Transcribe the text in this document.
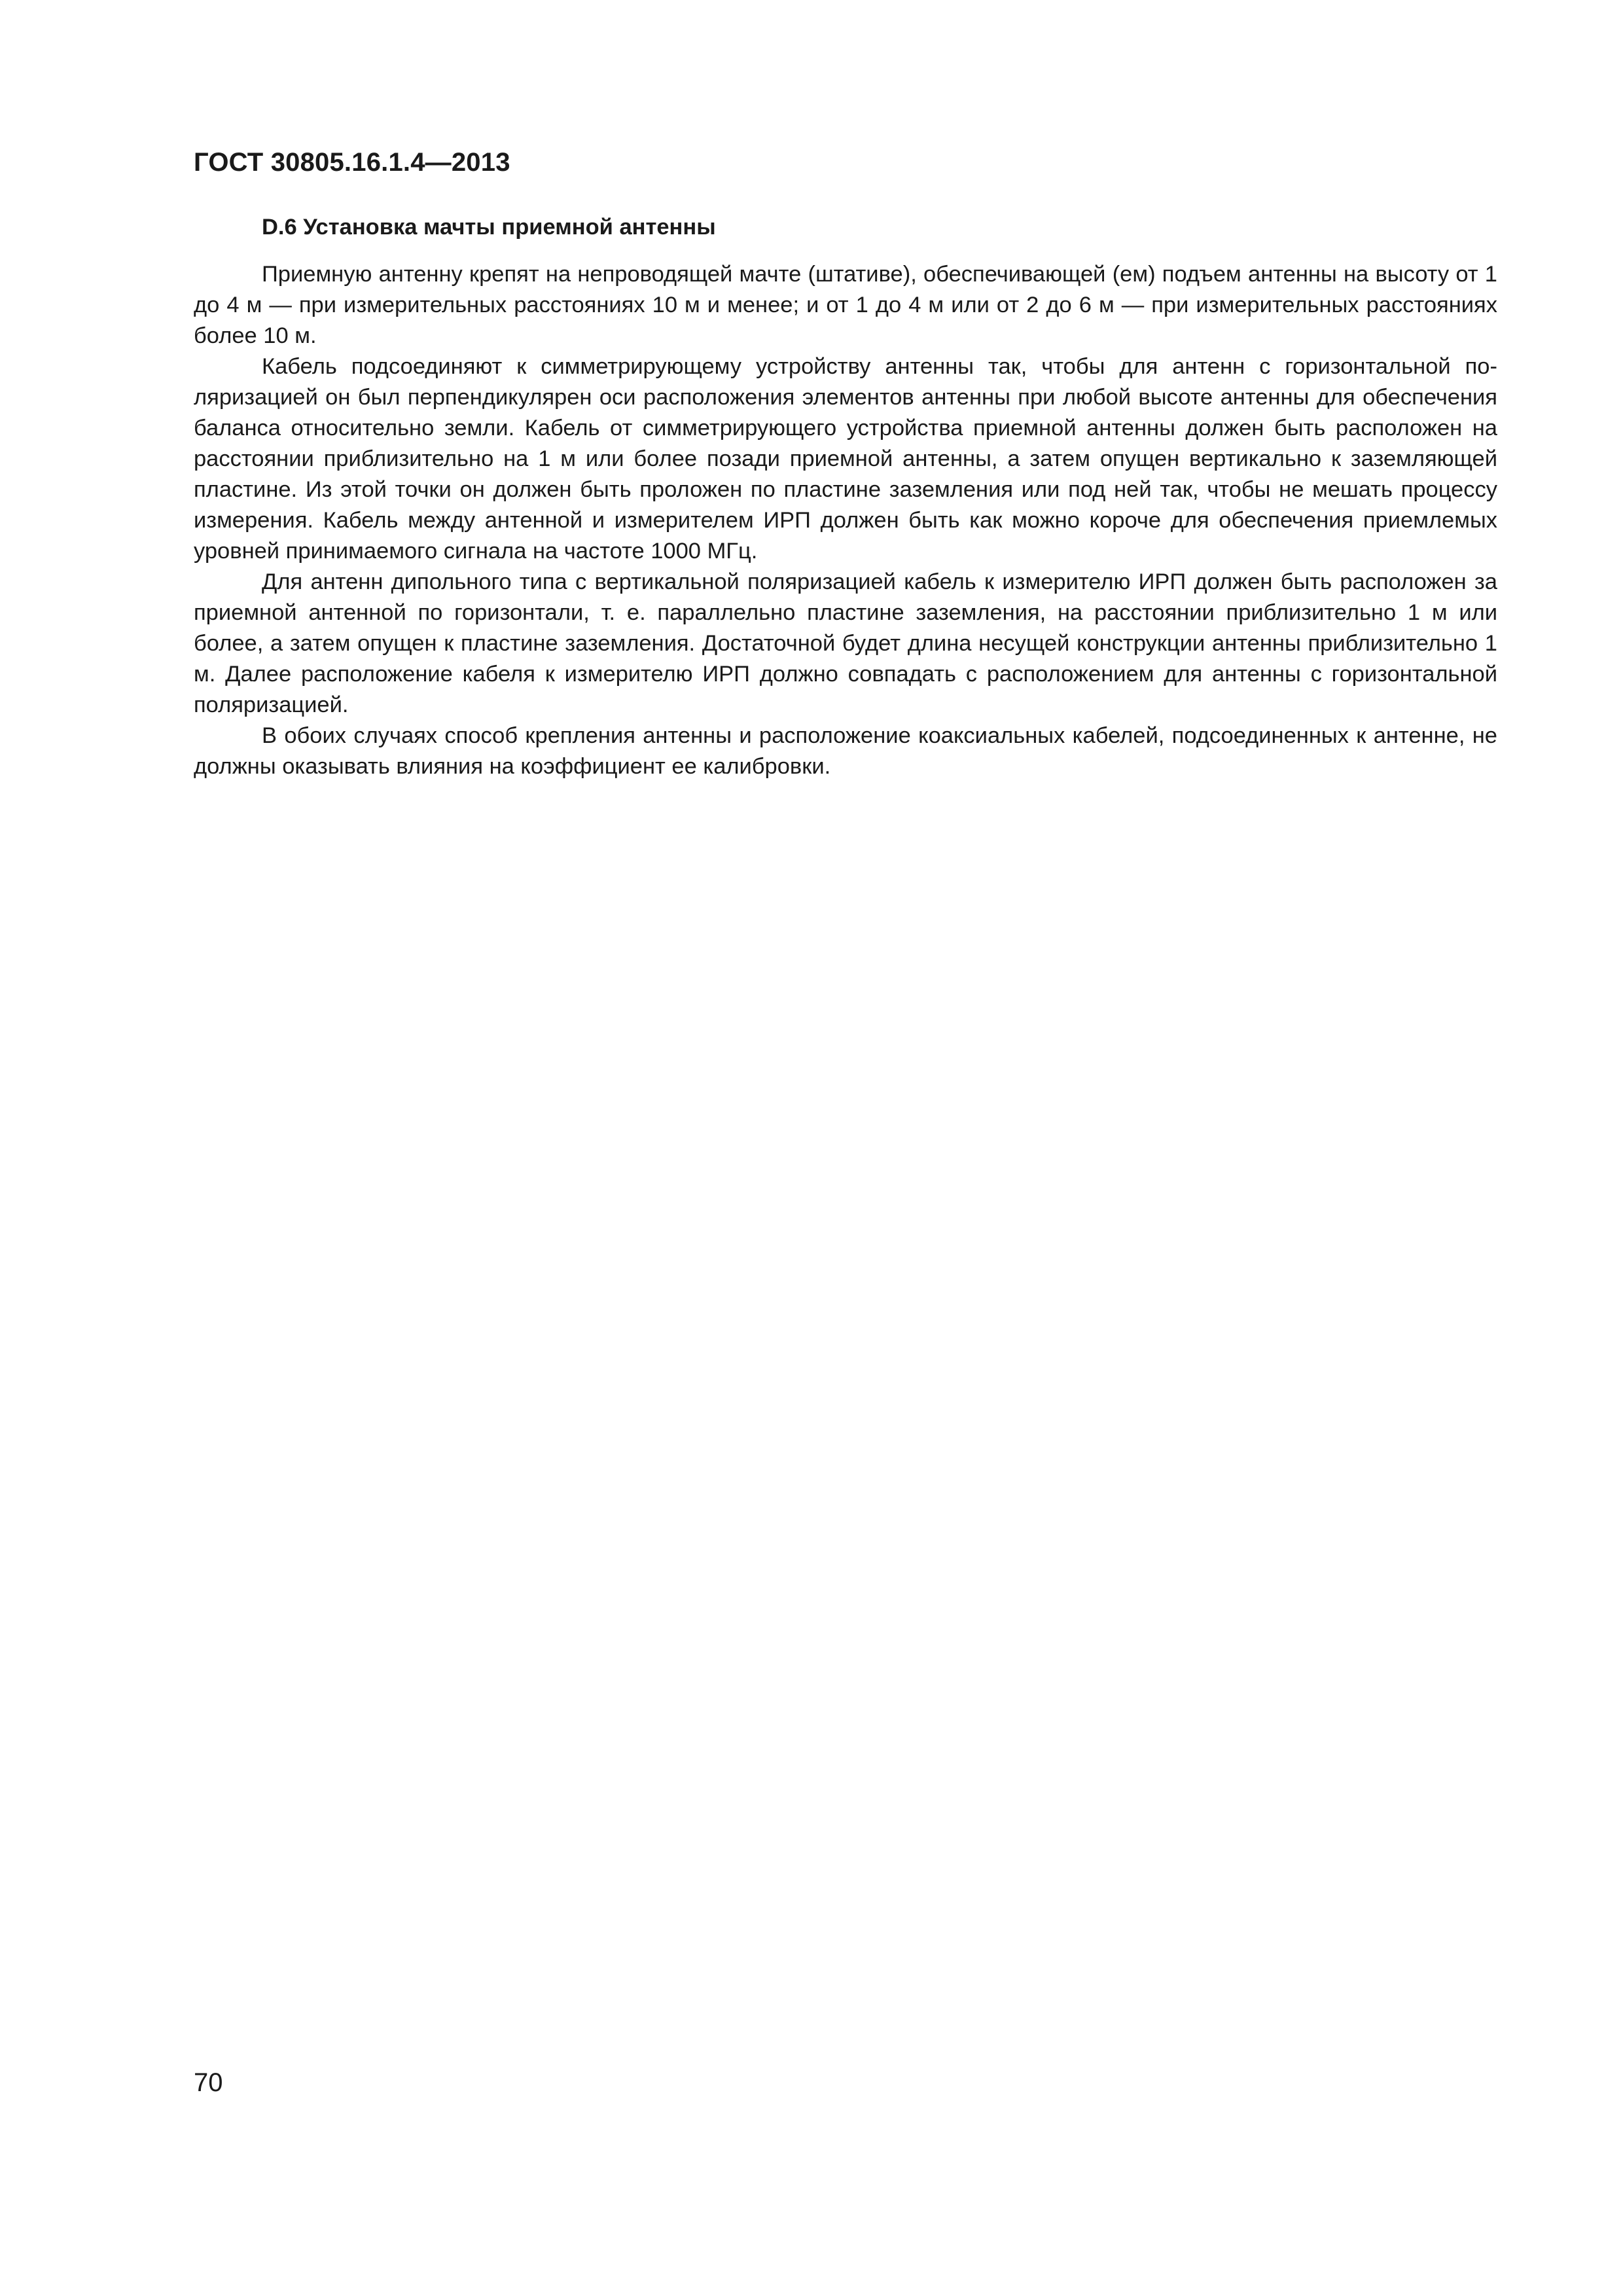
ГОСТ 30805.16.1.4—2013
D.6 Установка мачты приемной антенны

Приемную антенну крепят на непроводящей мачте (штативе), обеспечивающей (ем) подъем антенны на высоту от 1 до 4 м — при измерительных расстояниях 10 м и менее; и от 1 до 4 м или от 2 до 6 м — при измерительных расстояниях более 10 м.

Кабель подсоединяют к симметрирующему устройству антенны так, чтобы для антенн с горизонтальной поляризацией он был перпендикулярен оси расположения элементов антенны при любой высоте антенны для обеспечения баланса относительно земли. Кабель от симметрирующего устройства приемной антенны должен быть расположен на расстоянии приблизительно на 1 м или более позади приемной антенны, а затем опущен вертикально к заземляющей пластине. Из этой точки он должен быть проложен по пластине заземления или под ней так, чтобы не мешать процессу измерения. Кабель между антенной и измерителем ИРП должен быть как можно короче для обеспечения приемлемых уровней принимаемого сигнала на частоте 1000 МГц.

Для антенн дипольного типа с вертикальной поляризацией кабель к измерителю ИРП должен быть расположен за приемной антенной по горизонтали, т. е. параллельно пластине заземления, на расстоянии приблизительно 1 м или более, а затем опущен к пластине заземления. Достаточной будет длина несущей конструкции антенны приблизительно 1 м. Далее расположение кабеля к измерителю ИРП должно совпадать с расположением для антенны с горизонтальной поляризацией.

В обоих случаях способ крепления антенны и расположение коаксиальных кабелей, подсоединенных к антенне, не должны оказывать влияния на коэффициент ее калибровки.

70
